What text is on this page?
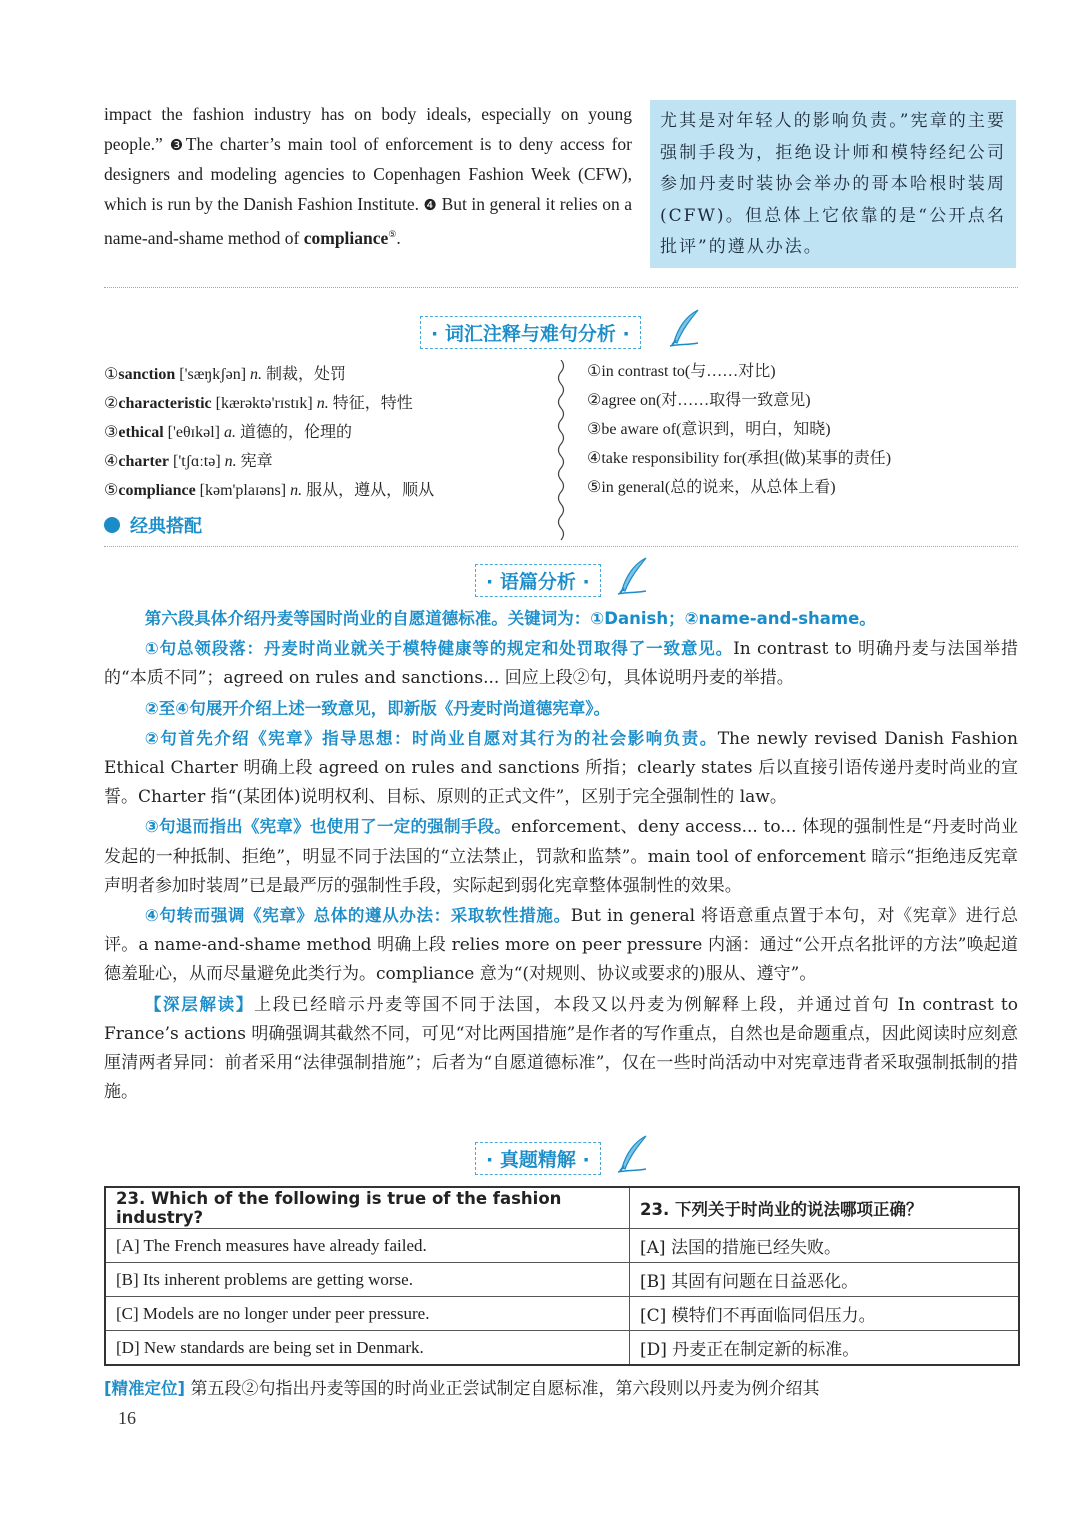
impact the fashion industry has on body ideals, especially on young people.” ❸The charter’s main tool of enforcement is to deny access for designers and modeling agencies to Copenhagen Fashion Week (CFW), which is run by the Danish Fashion Institute. ❹ But in general it relies on a name-and-shame method of compliance⑤.
尤其是对年轻人的影响负责。”宪章的主要强制手段为，拒绝设计师和模特经纪公司参加丹麦时装协会举办的哥本哈根时装周(CFW)。但总体上它依靠的是“公开点名批评”的遵从办法。
· 词汇注释与难句分析 ·
①sanction ['sæŋkʃən] n. 制裁，处罚
②characteristic [kærəktə'rɪstɪk] n. 特征，特性
③ethical ['eθɪkəl] a. 道德的，伦理的
④charter ['tʃɑːtə] n. 宪章
⑤compliance [kəm'plaɪəns] n. 服从，遵从，顺从
①in contrast to(与……对比)
②agree on(对……取得一致意见)
③be aware of(意识到，明白，知晓)
④take responsibility for(承担(做)某事的责任)
⑤in general(总的说来，从总体上看)
经典搭配
· 语篇分析 ·

第六段具体介绍丹麦等国时尚业的自愿道德标准。关键词为：①Danish；②name-and-shame。

①句总领段落：丹麦时尚业就关于模特健康等的规定和处罚取得了一致意见。In contrast to 明确丹麦与法国举措的“本质不同”；agreed on rules and sanctions... 回应上段②句，具体说明丹麦的举措。

②至④句展开介绍上述一致意见，即新版《丹麦时尚道德宪章》。

②句首先介绍《宪章》指导思想：时尚业自愿对其行为的社会影响负责。The newly revised Danish Fashion Ethical Charter 明确上段 agreed on rules and sanctions 所指；clearly states 后以直接引语传递丹麦时尚业的宣誓。Charter 指“(某团体)说明权利、目标、原则的正式文件”，区别于完全强制性的 law。

③句退而指出《宪章》也使用了一定的强制手段。enforcement、deny access... to... 体现的强制性是“丹麦时尚业发起的一种抵制、拒绝”，明显不同于法国的“立法禁止，罚款和监禁”。main tool of enforcement 暗示“拒绝违反宪章声明者参加时装周”已是最严厉的强制性手段，实际起到弱化宪章整体强制性的效果。

④句转而强调《宪章》总体的遵从办法：采取软性措施。But in general 将语意重点置于本句，对《宪章》进行总评。a name-and-shame method 明确上段 relies more on peer pressure 内涵：通过“公开点名批评的方法”唤起道德羞耻心，从而尽量避免此类行为。compliance 意为“(对规则、协议或要求的)服从、遵守”。

【深层解读】上段已经暗示丹麦等国不同于法国，本段又以丹麦为例解释上段，并通过首句 In contrast to France’s actions 明确强调其截然不同，可见“对比两国措施”是作者的写作重点，自然也是命题重点，因此阅读时应刻意厘清两者异同：前者采用“法律强制措施”；后者为“自愿道德标准”，仅在一些时尚活动中对宪章违背者采取强制抵制的措施。

· 真题精解 ·
23. Which of the following is true of the fashion industry?	23. 下列关于时尚业的说法哪项正确？
[A] The French measures have already failed.	[A] 法国的措施已经失败。
[B] Its inherent problems are getting worse.	[B] 其固有问题在日益恶化。
[C] Models are no longer under peer pressure.	[C] 模特们不再面临同侣压力。
[D] New standards are being set in Denmark.	[D] 丹麦正在制定新的标准。
[精准定位] 第五段②句指出丹麦等国的时尚业正尝试制定自愿标准，第六段则以丹麦为例介绍其
16
